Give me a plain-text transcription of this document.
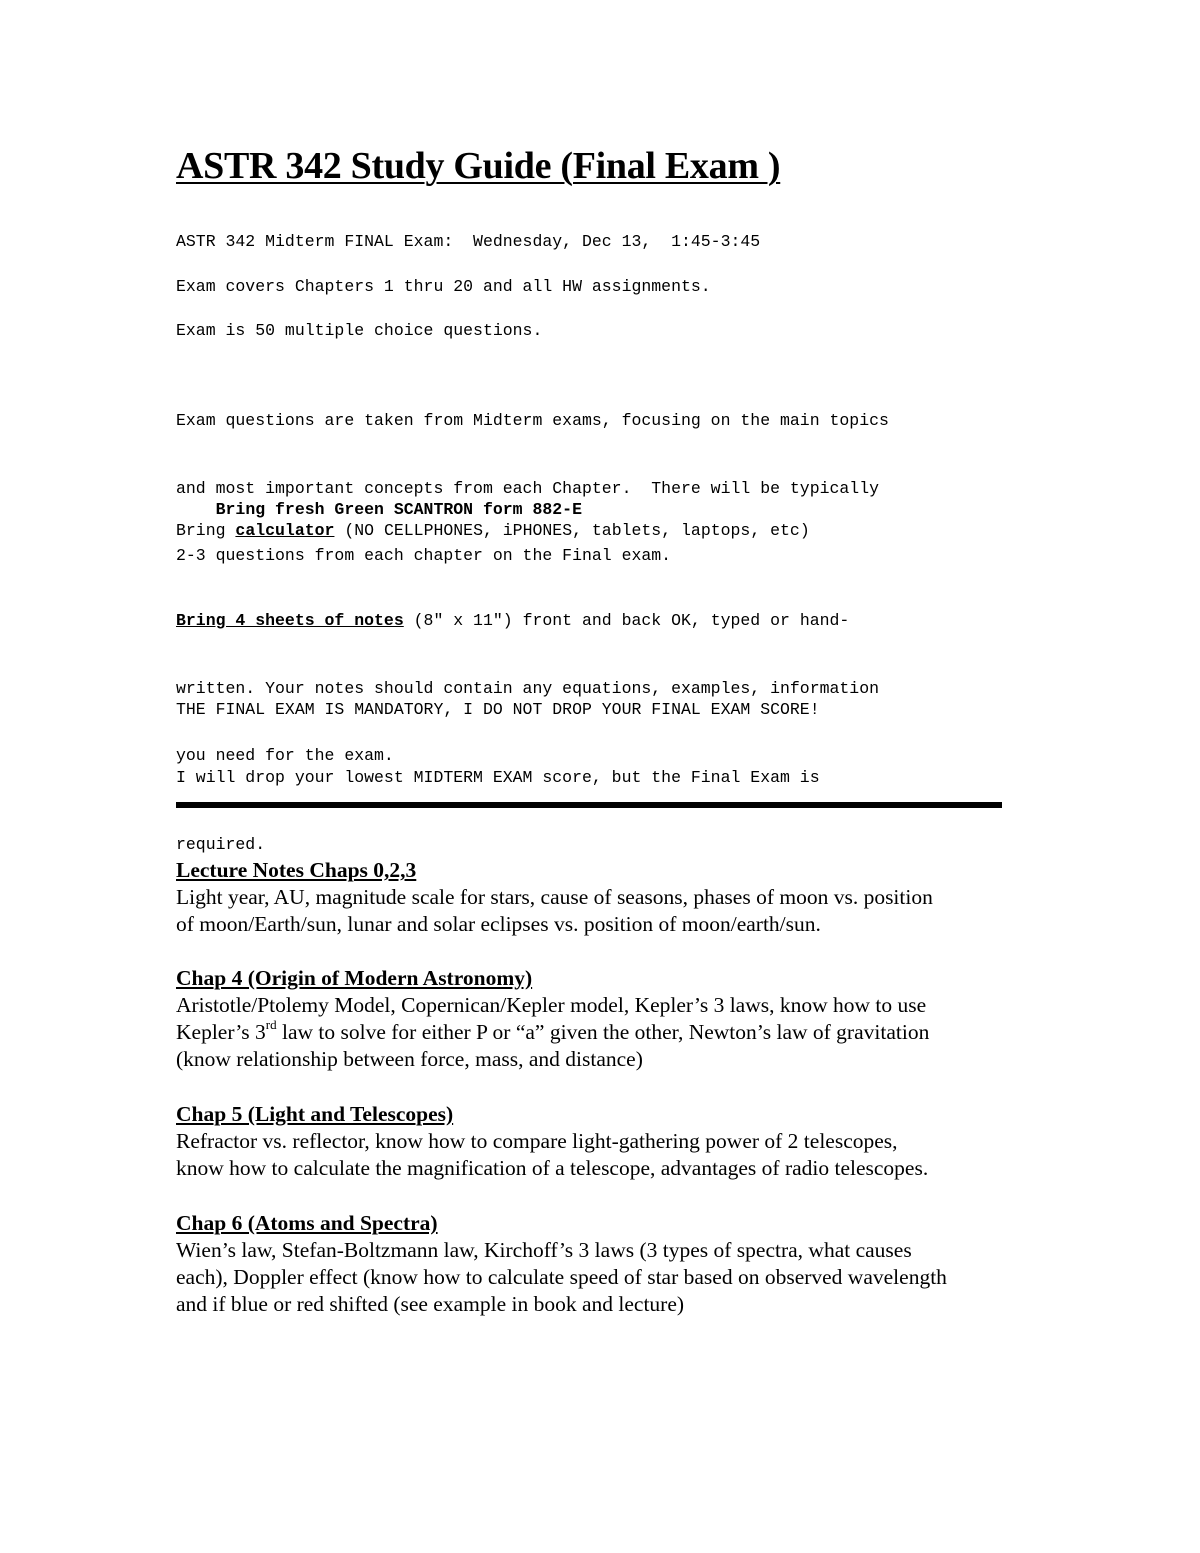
ASTR 342 Study Guide (Final Exam )
ASTR 342 Midterm FINAL Exam:  Wednesday, Dec 13,  1:45-3:45
Exam covers Chapters 1 thru 20 and all HW assignments.
Exam is 50 multiple choice questions.

Exam questions are taken from Midterm exams, focusing on the main topics

and most important concepts from each Chapter.  There will be typically

2-3 questions from each chapter on the Final exam.

Bring fresh Green SCANTRON form 882-E

Bring calculator (NO CELLPHONES, iPHONES, tablets, laptops, etc)

Bring 4 sheets of notes (8" x 11") front and back OK, typed or hand-

written. Your notes should contain any equations, examples, information

you need for the exam.

THE FINAL EXAM IS MANDATORY, I DO NOT DROP YOUR FINAL EXAM SCORE!

I will drop your lowest MIDTERM EXAM score, but the Final Exam is

required.

Lecture Notes Chaps 0,2,3
Light year, AU, magnitude scale for stars, cause of seasons, phases of moon vs. position
of moon/Earth/sun, lunar and solar eclipses vs. position of moon/earth/sun.
Chap 4 (Origin of Modern Astronomy)
Aristotle/Ptolemy Model, Copernican/Kepler model, Kepler’s 3 laws, know how to use
Kepler’s 3rd law to solve for either P or “a” given the other, Newton’s law of gravitation
(know relationship between force, mass, and distance)
Chap 5 (Light and Telescopes)
Refractor vs. reflector, know how to compare light-gathering power of 2 telescopes,
know how to calculate the magnification of a telescope, advantages of radio telescopes.
Chap 6 (Atoms and Spectra)
Wien’s law, Stefan-Boltzmann law, Kirchoff’s 3 laws (3 types of spectra, what causes
each), Doppler effect (know how to calculate speed of star based on observed wavelength
and if blue or red shifted (see example in book and lecture)
